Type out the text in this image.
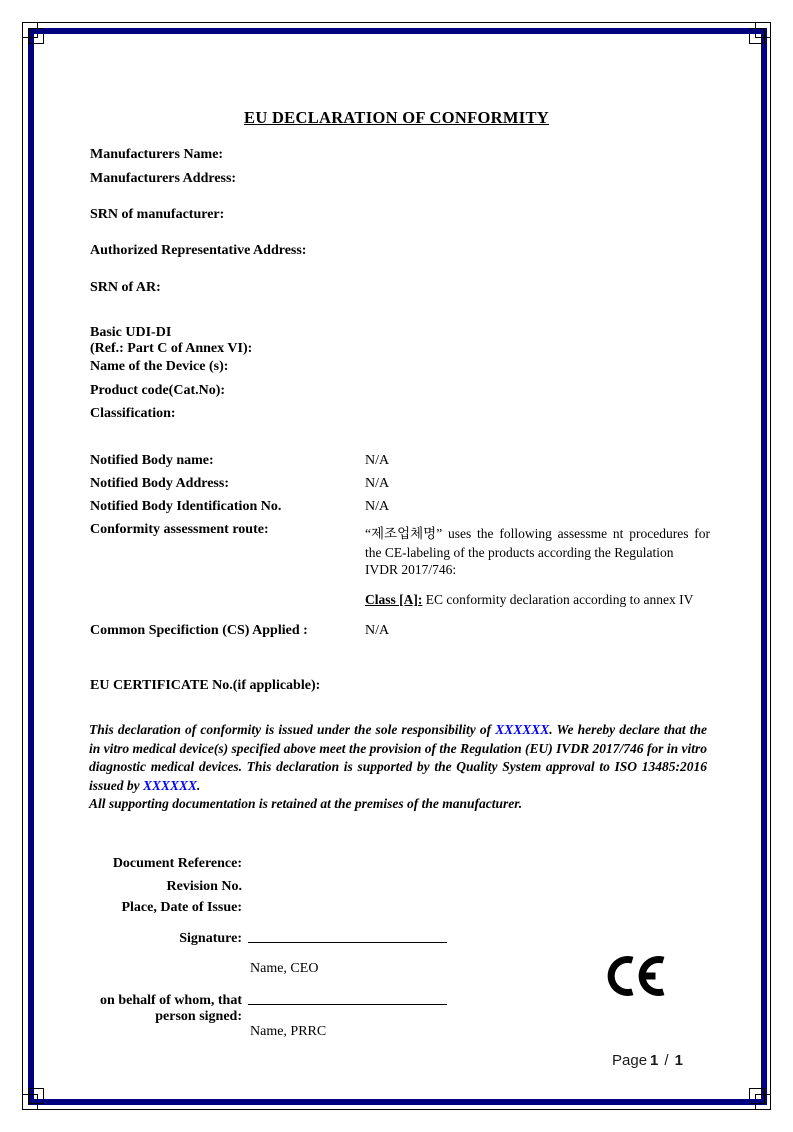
EU DECLARATION OF CONFORMITY
Manufacturers Name:
Manufacturers Address:
SRN of manufacturer:
Authorized Representative Address:
SRN of AR:
Basic UDI-DI
(Ref.: Part C of Annex VI):
Name of the Device (s):
Product code(Cat.No):
Classification:
Notified Body name:	N/A
Notified Body Address:	N/A
Notified Body Identification No.	N/A
Conformity assessment route:	“제조업체명” uses the following assessme nt procedures for
the CE-labeling of the products according the Regulation
IVDR 2017/746:
Class [A]: EC conformity declaration according to annex IV
Common Specifiction (CS) Applied :	N/A
EU CERTIFICATE No.(if applicable):
This declaration of conformity is issued under the sole responsibility of XXXXXX. We hereby declare that the in vitro medical device(s) specified above meet the provision of the Regulation (EU) IVDR 2017/746 for in vitro diagnostic medical devices. This declaration is supported by the Quality System approval to ISO 13485:2016 issued by XXXXXX.
All supporting documentation is retained at the premises of the manufacturer.
Document Reference:
Revision No.
Place, Date of Issue:
Signature:
Name, CEO
on behalf of whom, that
person signed:
Name, PRRC
Page 1 / 1
